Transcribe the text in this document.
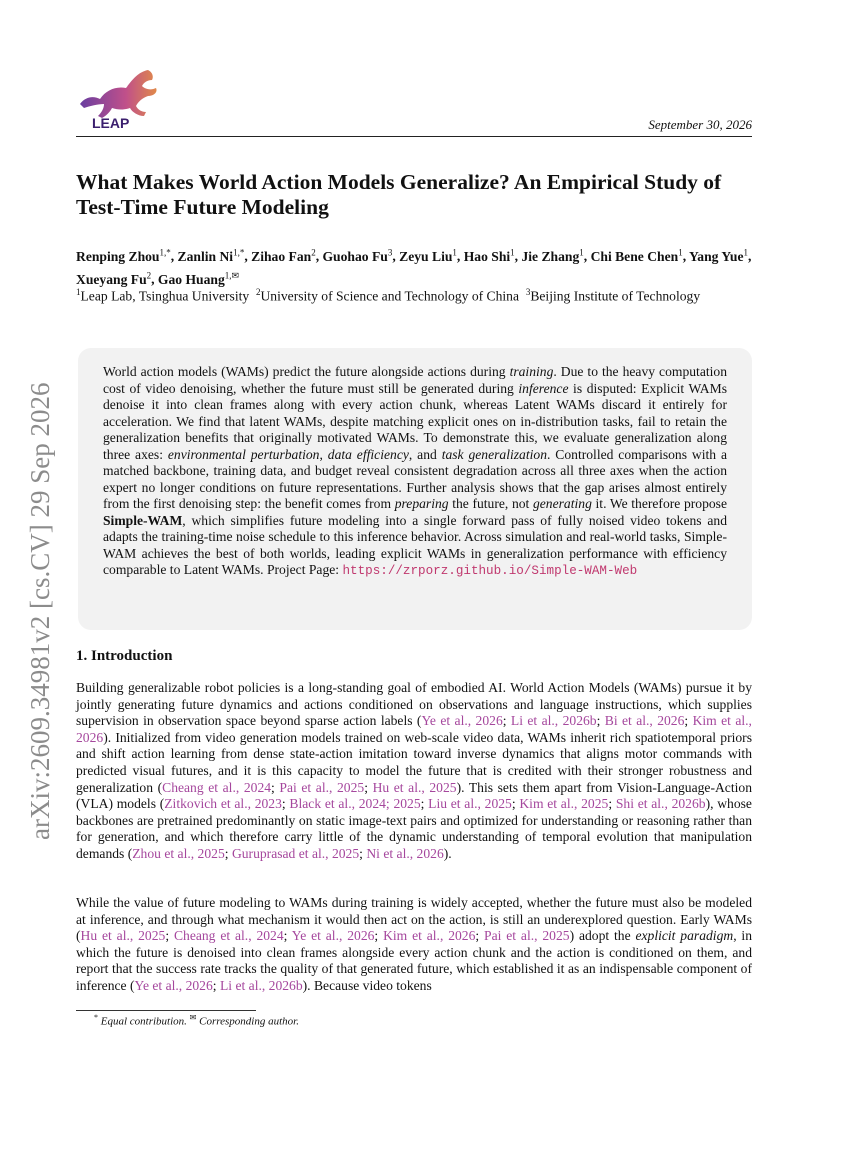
arXiv:2609.34981v2 [cs.CV] 29 Sep 2026
LEAP	September 30, 2026
What Makes World Action Models Generalize? An Empirical Study of Test-Time Future Modeling
Renping Zhou$^{1,*}$, Zanlin $Ni^{1,*}$, Zihao Fan$^2$, Guohao Fu$^3$, Zeyu Liu$^1$, Hao Shi$^1$, Jie Zhang$^1$, Chi Bene Chen$^1$, Yang Yue$^1$, Xueyang Fu$^2$, Gao Huang$^{1,✉}$
$^1$Leap Lab, Tsinghua University $^2$University of Science and Technology of China $^3$Beijing Institute of Technology
World action models (WAMs) predict the future alongside actions during training. Due to the heavy computation cost of video denoising, whether the future must still be generated during inference is disputed: Explicit WAMs denoise it into clean frames along with every action chunk, whereas Latent WAMs discard it entirely for acceleration. We find that latent WAMs, despite matching explicit ones on in-distribution tasks, fail to retain the generalization benefits that originally motivated WAMs. To demonstrate this, we evaluate generalization along three axes: environmental perturbation, data efficiency, and task generalization. Controlled comparisons with a matched backbone, training data, and budget reveal consistent degradation across all three axes when the action expert no longer conditions on future representations. Further analysis shows that the gap arises almost entirely from the first denoising step: the benefit comes from preparing the future, not generating it. We therefore propose Simple-WAM, which simplifies future modeling into a single forward pass of fully noised video tokens and adapts the training-time noise schedule to this inference behavior. Across simulation and real-world tasks, Simple-WAM achieves the best of both worlds, leading explicit WAMs in generalization performance with efficiency comparable to Latent WAMs. Project Page: https://zrporz.github.io/Simple-WAM-Web
1. Introduction

Building generalizable robot policies is a long-standing goal of embodied AI. World Action Models (WAMs) pursue it by jointly generating future dynamics and actions conditioned on observations and language instructions, which supplies supervision in observation space beyond sparse action labels (Ye et al., 2026; Li et al., 2026b; Bi et al., 2026; Kim et al., 2026). Initialized from video generation models trained on web-scale video data, WAMs inherit rich spatiotemporal priors and shift action learning from dense state-action imitation toward inverse dynamics that aligns motor commands with predicted visual futures, and it is this capacity to model the future that is credited with their stronger robustness and generalization (Cheang et al., 2024; Pai et al., 2025; Hu et al., 2025). This sets them apart from Vision-Language-Action (VLA) models (Zitkovich et al., 2023; Black et al., 2024; 2025; Liu et al., 2025; Kim et al., 2025; Shi et al., 2026b), whose backbones are pretrained predominantly on static image-text pairs and optimized for understanding or reasoning rather than for generation, and which therefore carry little of the dynamic understanding of temporal evolution that manipulation demands (Zhou et al., 2025; Guruprasad et al., 2025; Ni et al., 2026).

While the value of future modeling to WAMs during training is widely accepted, whether the future must also be modeled at inference, and through what mechanism it would then act on the action, is still an underexplored question. Early WAMs (Hu et al., 2025; Cheang et al., 2024; Ye et al., 2026; Kim et al., 2026; Pai et al., 2025) adopt the explicit paradigm, in which the future is denoised into clean frames alongside every action chunk and the action is conditioned on them, and report that the success rate tracks the quality of that generated future, which established it as an indispensable component of inference (Ye et al., 2026; Li et al., 2026b). Because video tokens

* Equal contribution. ✉ Corresponding author.
